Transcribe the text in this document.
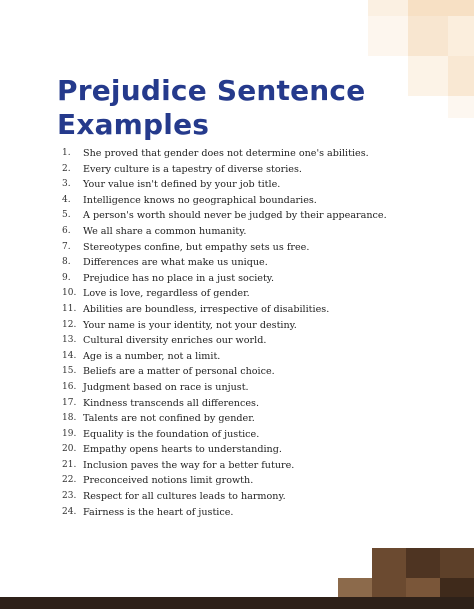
Prejudice Sentence
Examples
1.	She proved that gender does not determine one's abilities.
2.	Every culture is a tapestry of diverse stories.
3.	Your value isn't defined by your job title.
4.	Intelligence knows no geographical boundaries.
5.	A person's worth should never be judged by their appearance.
6.	We all share a common humanity.
7.	Stereotypes confine, but empathy sets us free.
8.	Differences are what make us unique.
9.	Prejudice has no place in a just society.
10. Love is love, regardless of gender.
11. Abilities are boundless, irrespective of disabilities.
12. Your name is your identity, not your destiny.
13. Cultural diversity enriches our world.
14. Age is a number, not a limit.
15. Beliefs are a matter of personal choice.
16. Judgment based on race is unjust.
17. Kindness transcends all differences.
18. Talents are not confined by gender.
19. Equality is the foundation of justice.
20. Empathy opens hearts to understanding.
21. Inclusion paves the way for a better future.
22. Preconceived notions limit growth.
23. Respect for all cultures leads to harmony.
24. Fairness is the heart of justice.
